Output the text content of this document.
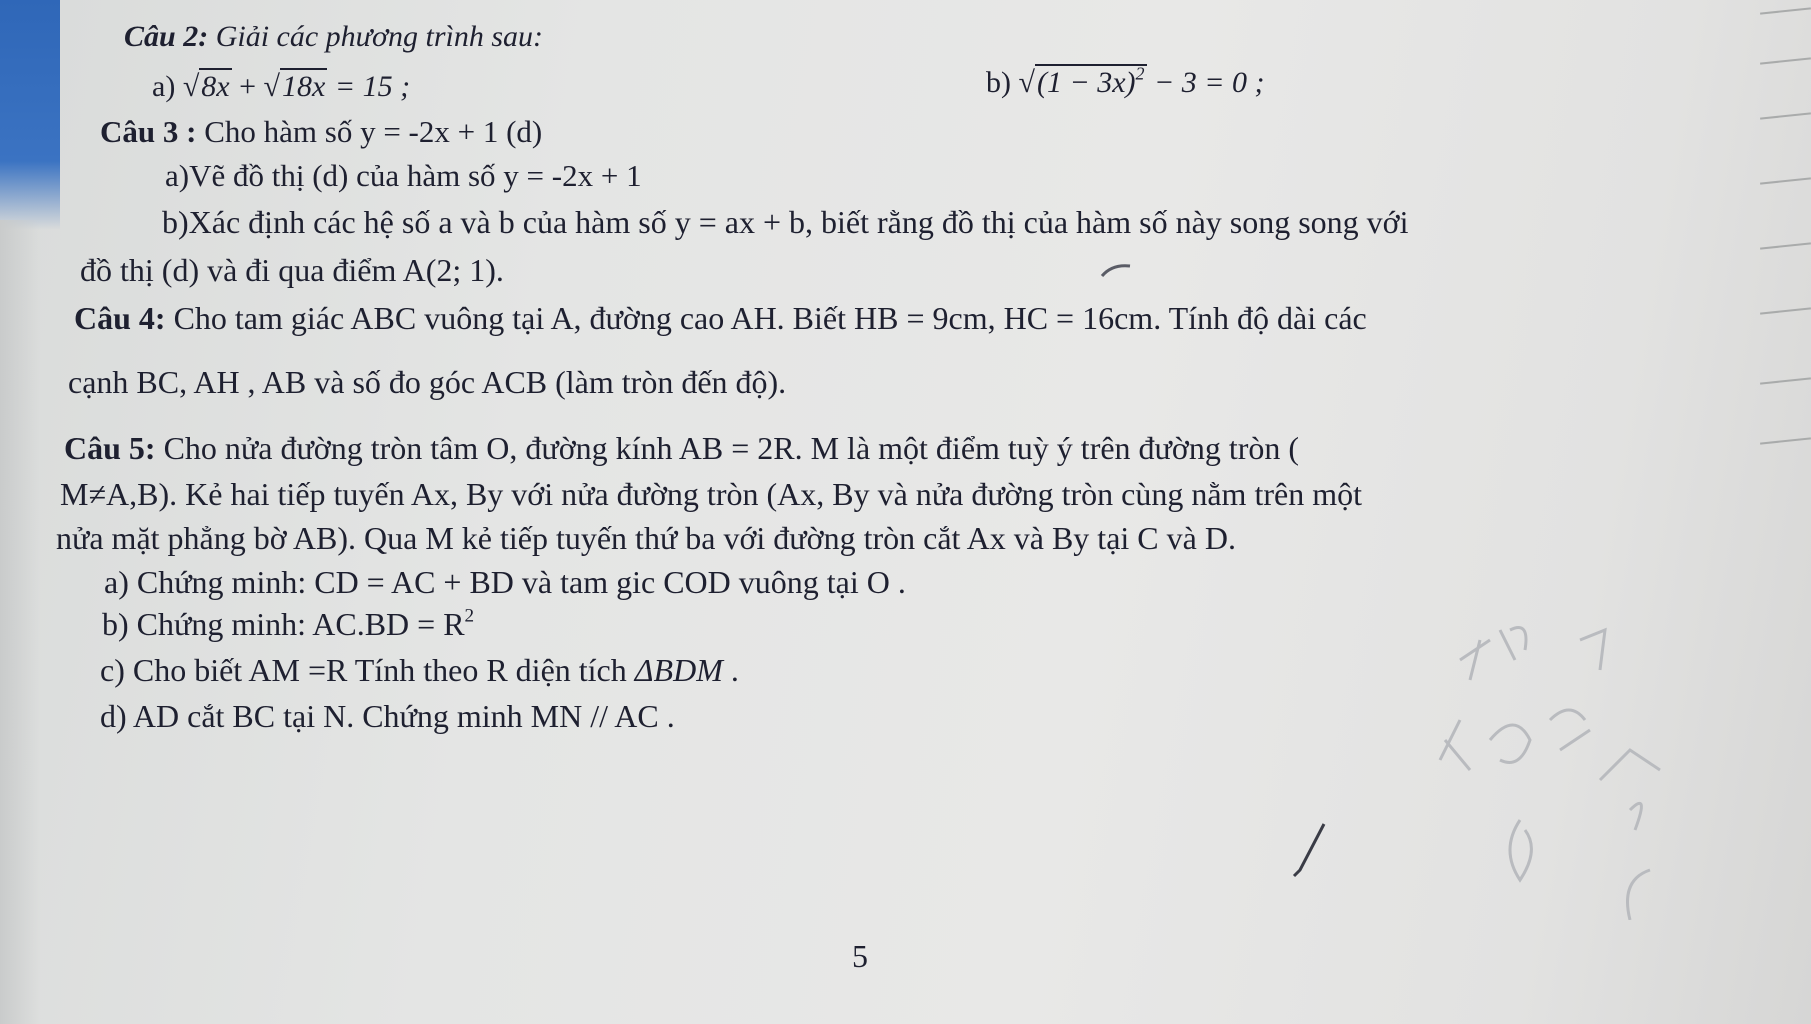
Câu 2: Giải các phương trình sau:
a) √8x + √18x = 15 ;	b) $√(1 - 3x)^2 - 3 = 0$ ;
Câu 3 : Cho hàm số y = -2x + 1 (d)
a)Vẽ đồ thị (d) của hàm số y = -2x + 1
b)Xác định các hệ số a và b của hàm số y = ax + b, biết rằng đồ thị của hàm số này song song với
đồ thị (d) và đi qua điểm A(2; 1).
Câu 4: Cho tam giác ABC vuông tại A, đường cao AH. Biết HB = 9cm, HC = 16cm. Tính độ dài các
cạnh BC, AH , AB và số đo góc ACB (làm tròn đến độ).
Câu 5: Cho nửa đường tròn tâm O, đường kính AB = 2R. M là một điểm tuỳ ý trên đường tròn (
M≠A,B). Kẻ hai tiếp tuyến Ax, By với nửa đường tròn (Ax, By và nửa đường tròn cùng nằm trên một
nửa mặt phẳng bờ AB). Qua M kẻ tiếp tuyến thứ ba với đường tròn cắt Ax và By tại C và D.
a) Chứng minh: CD = AC + BD và tam gic COD vuông tại O .
b) Chứng minh: $AC.BD = R^2$
c) Cho biết AM =R Tính theo R diện tích ΔBDM .
d) AD cắt BC tại N. Chứng minh MN // AC .
5
